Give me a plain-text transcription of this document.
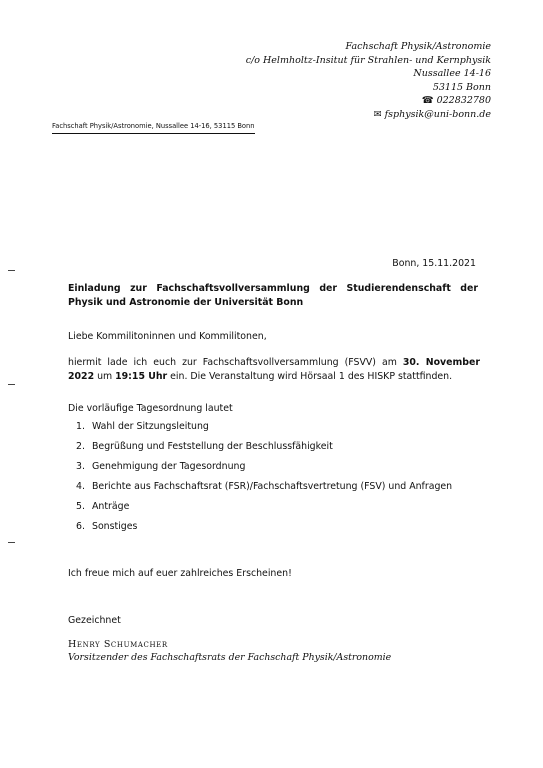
Fachschaft Physik/Astronomie
c/o Helmholtz-Insitut für Strahlen- und Kernphysik
Nussallee 14-16
53115 Bonn
☎ 022832780
✉ fsphysik@uni-bonn.de
Fachschaft Physik/Astronomie, Nussallee 14-16, 53115 Bonn
Bonn, 15.11.2021
Einladung zur Fachschaftsvollversammlung der Studierendenschaft der Physik und Astronomie der Universität Bonn
Liebe Kommilitoninnen und Kommilitonen,
hiermit lade ich euch zur Fachschaftsvollversammlung (FSVV) am 30. November 2022 um 19:15 Uhr ein. Die Veranstaltung wird Hörsaal 1 des HISKP stattfinden.
Die vorläufige Tagesordnung lautet
1. Wahl der Sitzungsleitung
2. Begrüßung und Feststellung der Beschlussfähigkeit
3. Genehmigung der Tagesordnung
4. Berichte aus Fachschaftsrat (FSR)/Fachschaftsvertretung (FSV) und Anfragen
5. Anträge
6. Sonstiges
Ich freue mich auf euer zahlreiches Erscheinen!
Gezeichnet
Henry Schumacher
Vorsitzender des Fachschaftsrats der Fachschaft Physik/Astronomie
